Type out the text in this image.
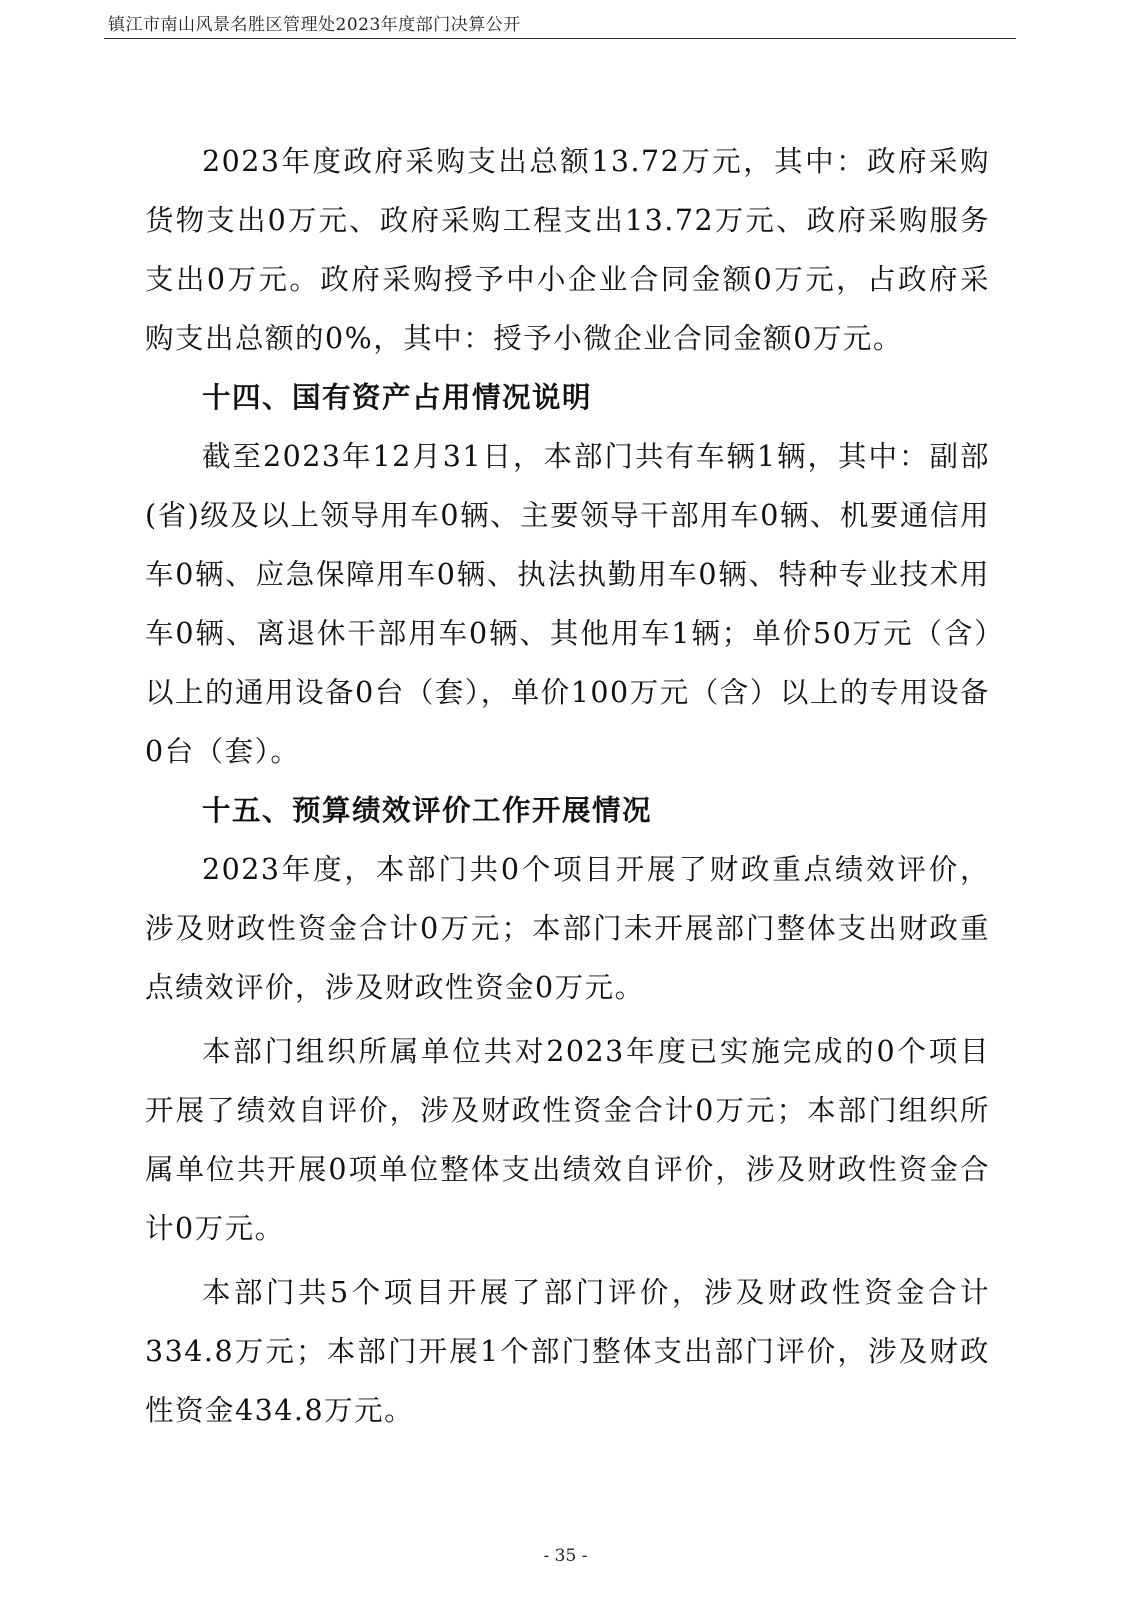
镇江市南山风景名胜区管理处2023年度部门决算公开

2023年度政府采购支出总额13.72万元，其中：政府采购货物支出0万元、政府采购工程支出13.72万元、政府采购服务支出0万元。政府采购授予中小企业合同金额0万元，占政府采购支出总额的0%，其中：授予小微企业合同金额0万元。

十四、国有资产占用情况说明

截至2023年12月31日，本部门共有车辆1辆，其中：副部(省)级及以上领导用车0辆、主要领导干部用车0辆、机要通信用车0辆、应急保障用车0辆、执法执勤用车0辆、特种专业技术用车0辆、离退休干部用车0辆、其他用车1辆；单价50万元（含）以上的通用设备0台（套），单价100万元（含）以上的专用设备0台（套）。

十五、预算绩效评价工作开展情况

2023年度，本部门共0个项目开展了财政重点绩效评价，涉及财政性资金合计0万元；本部门未开展部门整体支出财政重点绩效评价，涉及财政性资金0万元。

本部门组织所属单位共对2023年度已实施完成的0个项目开展了绩效自评价，涉及财政性资金合计0万元；本部门组织所属单位共开展0项单位整体支出绩效自评价，涉及财政性资金合计0万元。

本部门共5个项目开展了部门评价，涉及财政性资金合计334.8万元；本部门开展1个部门整体支出部门评价，涉及财政性资金434.8万元。

- 35 -
